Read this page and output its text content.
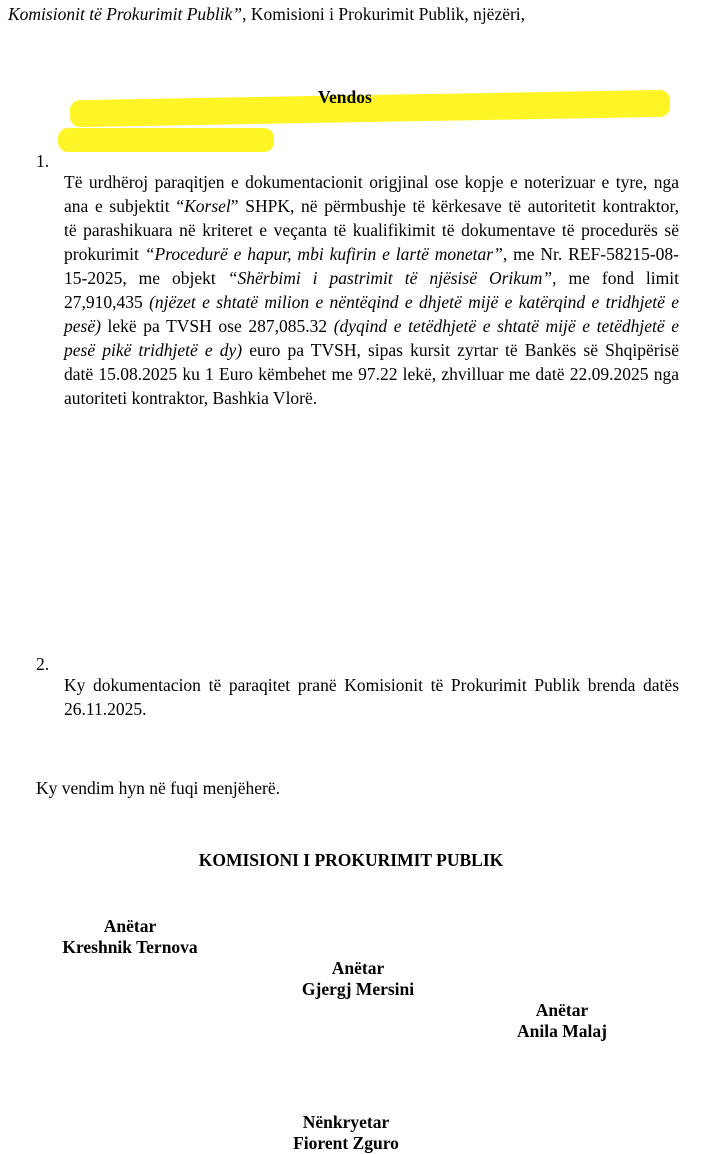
Komisionit të Prokurimit Publik”, Komisioni i Prokurimit Publik, njëzëri,
Vendos
1.
Të urdhëroj paraqitjen e dokumentacionit origjinal ose kopje e noterizuar e tyre, nga
ana e subjektit “Korsel” SHPK, në përmbushje të kërkesave të autoritetit kontraktor,
të parashikuara në kriteret e veçanta të kualifikimit të dokumentave të procedurës së
prokurimit “Procedurë e hapur, mbi kufirin e lartë monetar”, me Nr. REF-58215-08-
15-2025, me objekt “Shërbimi i pastrimit të njësisë Orikum”, me fond limit
27,910,435 (njëzet e shtatë milion e nëntëqind e dhjetë mijë e katërqind e tridhjetë e
pesë) lekë pa TVSH ose 287,085.32 (dyqind e tetëdhjetë e shtatë mijë e tetëdhjetë e
pesë pikë tridhjetë e dy) euro pa TVSH, sipas kursit zyrtar të Bankës së Shqipërisë
datë 15.08.2025 ku 1 Euro këmbehet me 97.22 lekë, zhvilluar me datë 22.09.2025 nga
autoriteti kontraktor, Bashkia Vlorë.
2.
Ky dokumentacion të paraqitet pranë Komisionit të Prokurimit Publik brenda datës
26.11.2025.
Ky vendim hyn në fuqi menjëherë.
KOMISIONI I PROKURIMIT PUBLIK
Anëtar
Kreshnik Ternova
Anëtar
Gjergj Mersini
Anëtar
Anila Malaj
Nënkryetar
Fiorent Zguro
